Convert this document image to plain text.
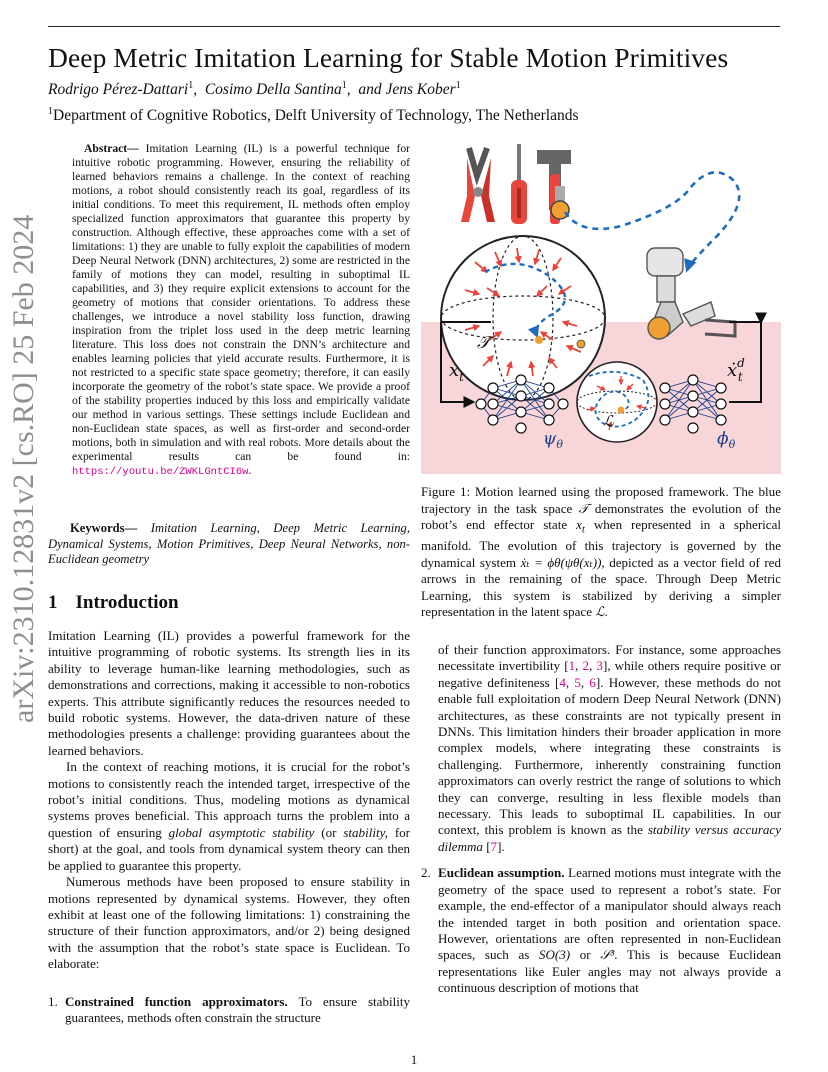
Deep Metric Imitation Learning for Stable Motion Primitives
Rodrigo Pérez-Dattari$^1$, Cosimo Della Santina$^1$, and Jens Kober$^1$
$^1$Department of Cognitive Robotics, Delft University of Technology, The Netherlands
arXiv:2310.12831v2 [cs.RO] 25 Feb 2024
Abstract— Imitation Learning (IL) is a powerful technique for intuitive robotic programming. However, ensuring the reliability of learned behaviors remains a challenge. In the context of reaching motions, a robot should consistently reach its goal, regardless of its initial conditions. To meet this requirement, IL methods often employ specialized function approximators that guarantee this property by construction. Although effective, these approaches come with a set of limitations: 1) they are unable to fully exploit the capabilities of modern Deep Neural Network (DNN) architectures, 2) some are restricted in the family of motions they can model, resulting in suboptimal IL capabilities, and 3) they require explicit extensions to account for the geometry of motions that consider orientations. To address these challenges, we introduce a novel stability loss function, drawing inspiration from the triplet loss used in the deep metric learning literature. This loss does not constrain the DNN’s architecture and enables learning policies that yield accurate results. Furthermore, it is not restricted to a specific state space geometry; therefore, it can easily incorporate the geometry of the robot’s state space. We provide a proof of the stability properties induced by this loss and empirically validate our method in various settings. These settings include Euclidean and non-Euclidean state spaces, as well as first-order and second-order motions, both in simulation and with real robots. More details about the experimental results can be found in: https://youtu.be/ZWKLGntCI6w.
Keywords— Imitation Learning, Deep Metric Learning, Dynamical Systems, Motion Primitives, Deep Neural Networks, non-Euclidean geometry
1 Introduction

Imitation Learning (IL) provides a powerful framework for the intuitive programming of robotic systems. Its strength lies in its ability to leverage human-like learning methodologies, such as demonstrations and corrections, making it accessible to non-robotics experts. This attribute significantly reduces the resources needed to build robotic systems. However, the data-driven nature of these methodologies presents a challenge: providing guarantees about the learned behaviors.

In the context of reaching motions, it is crucial for the robot’s motions to consistently reach the intended target, irrespective of the robot’s initial conditions. Thus, modeling motions as dynamical systems proves beneficial. This approach turns the problem into a question of ensuring global asymptotic stability (or stability, for short) at the goal, and tools from dynamical system theory can then be applied to guarantee this property.

Numerous methods have been proposed to ensure stability in motions represented by dynamical systems. However, they often exhibit at least one of the following limitations: 1) constraining the structure of their function approximators, and/or 2) being designed with the assumption that the robot’s state space is Euclidean. To elaborate:

1. Constrained function approximators. To ensure stability guarantees, methods often constrain the structure
𝒯
$x_t$	ẋ$^d$ t
$\psi_\theta$
ℒ
$\phi_\theta$
Figure 1: Motion learned using the proposed framework. The blue trajectory in the task space 𝒯 demonstrates the evolution of the robot’s end effector state $x_t$ when represented in a spherical manifold. The evolution of this trajectory is governed by the dynamical system ẋₜ = ϕθ(ψθ(xₜ)), depicted as a vector field of red arrows in the remaining of the space. Through Deep Metric Learning, this system is stabilized by deriving a simpler representation in the latent space ℒ.
of their function approximators. For instance, some approaches necessitate invertibility [1, 2, 3], while others require positive or negative definiteness [4, 5, 6]. However, these methods do not enable full exploitation of modern Deep Neural Network (DNN) architectures, as these constraints are not typically present in DNNs. This limitation hinders their broader application in more complex models, where integrating these constraints is challenging. Furthermore, inherently constraining function approximators can overly restrict the range of solutions to which they can converge, resulting in less flexible models than necessary. This leads to suboptimal IL capabilities. In our context, this problem is known as the stability versus accuracy dilemma [7].
2. Euclidean assumption. Learned motions must integrate with the geometry of the space used to represent a robot’s state. For example, the end-effector of a manipulator should always reach the intended target in both position and orientation space. However, orientations are often represented in non-Euclidean spaces, such as SO(3) or 𝒮³. This is because Euclidean representations like Euler angles may not always provide a continuous description of motions that
1
